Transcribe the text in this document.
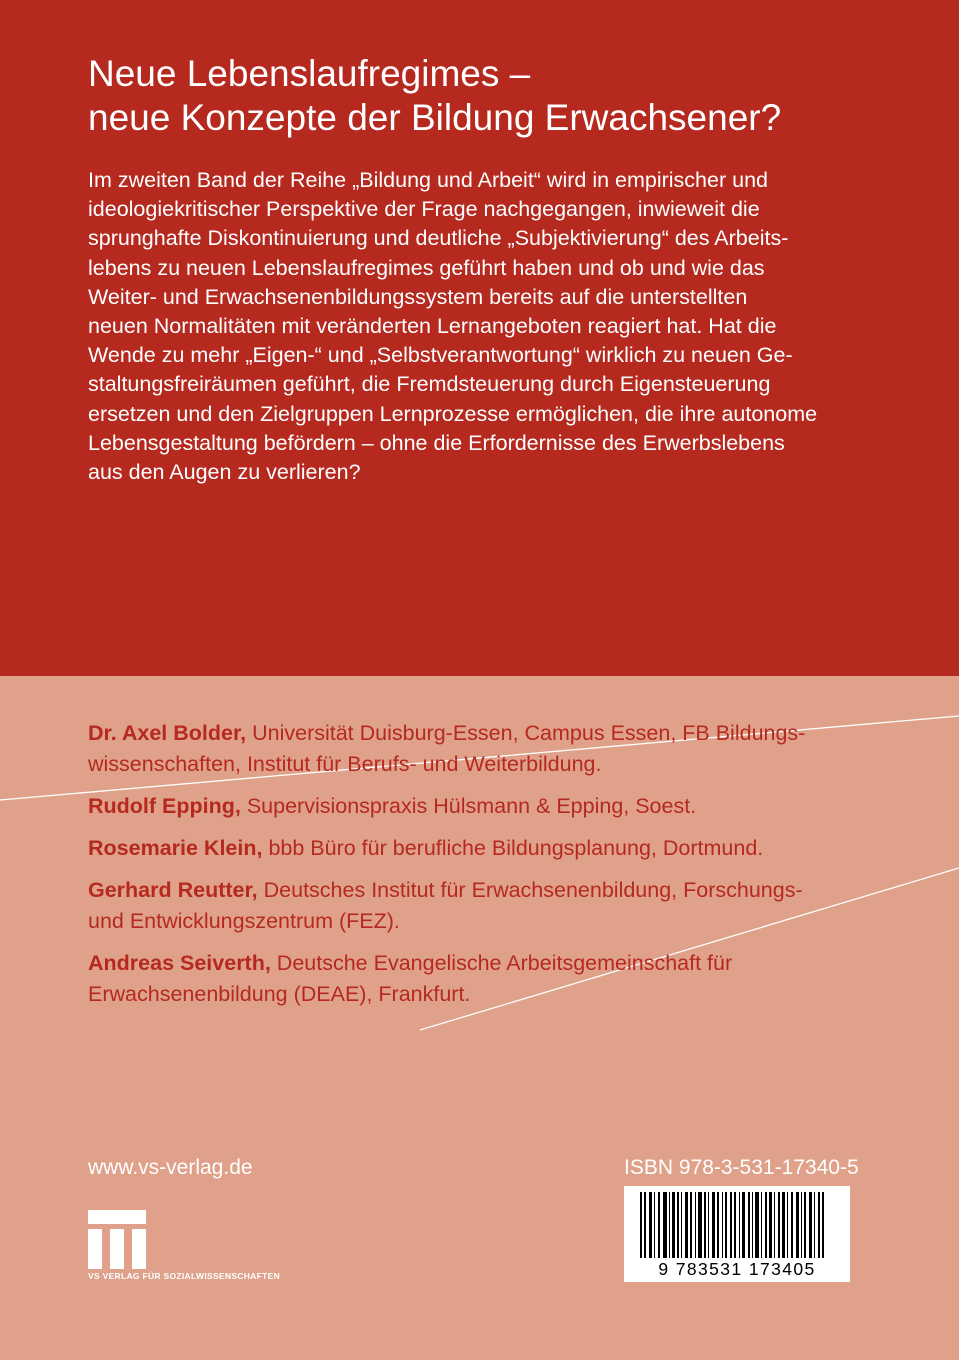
Neue Lebenslaufregimes –
neue Konzepte der Bildung Erwachsener?

Im zweiten Band der Reihe „Bildung und Arbeit“ wird in empirischer und
ideologiekritischer Perspektive der Frage nachgegangen, inwieweit die
sprunghafte Diskontinuierung und deutliche „Subjektivierung“ des Arbeits-
lebens zu neuen Lebenslaufregimes geführt haben und ob und wie das
Weiter- und Erwachsenenbildungssystem bereits auf die unterstellten
neuen Normalitäten mit veränderten Lernangeboten reagiert hat. Hat die
Wende zu mehr „Eigen-“ und „Selbstverantwortung“ wirklich zu neuen Ge-
staltungsfreiräumen geführt, die Fremdsteuerung durch Eigensteuerung
ersetzen und den Zielgruppen Lernprozesse ermöglichen, die ihre autonome
Lebensgestaltung befördern – ohne die Erfordernisse des Erwerbslebens
aus den Augen zu verlieren?

Dr. Axel Bolder, Universität Duisburg-Essen, Campus Essen, FB Bildungs-
wissenschaften, Institut für Berufs- und Weiterbildung.
Rudolf Epping, Supervisionspraxis Hülsmann & Epping, Soest.
Rosemarie Klein, bbb Büro für berufliche Bildungsplanung, Dortmund.
Gerhard Reutter, Deutsches Institut für Erwachsenenbildung, Forschungs-
und Entwicklungszentrum (FEZ).
Andreas Seiverth, Deutsche Evangelische Arbeitsgemeinschaft für
Erwachsenenbildung (DEAE), Frankfurt.
www.vs-verlag.de
VS VERLAG FÜR SOZIALWISSENSCHAFTEN
ISBN 978-3-531-17340-5
9 783531 173405
